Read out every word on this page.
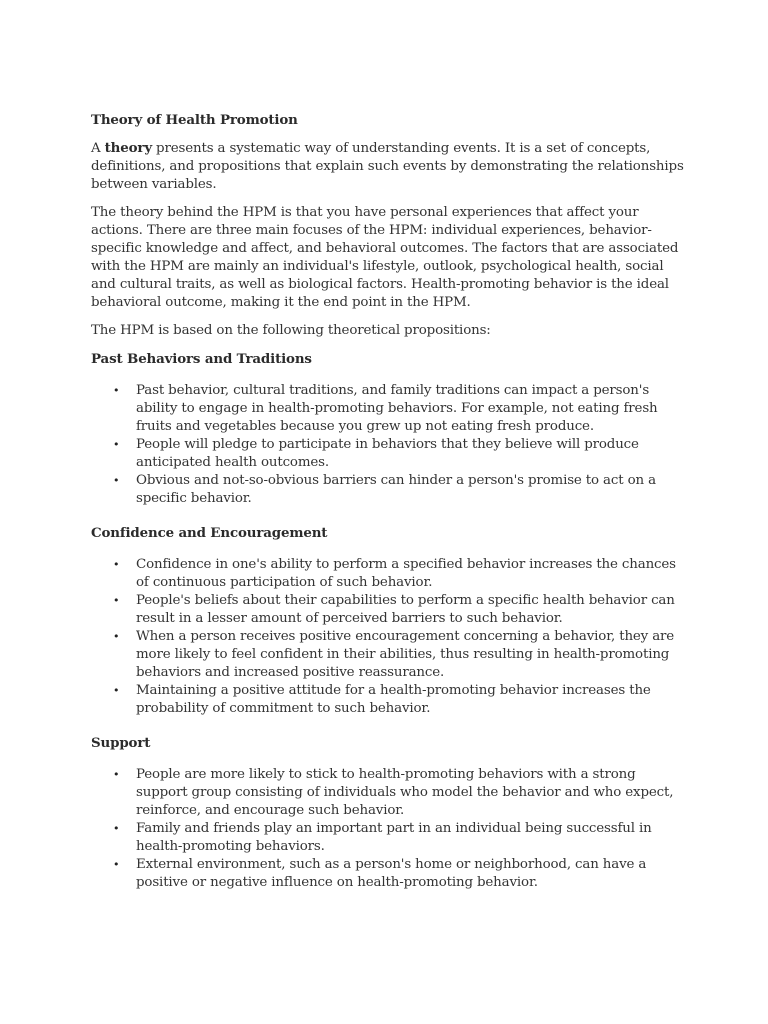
Theory of Health Promotion

A theory presents a systematic way of understanding events. It is a set of concepts, definitions, and propositions that explain such events by demonstrating the relationships between variables.

The theory behind the HPM is that you have personal experiences that affect your actions. There are three main focuses of the HPM: individual experiences, behavior-specific knowledge and affect, and behavioral outcomes. The factors that are associated with the HPM are mainly an individual's lifestyle, outlook, psychological health, social and cultural traits, as well as biological factors. Health-promoting behavior is the ideal behavioral outcome, making it the end point in the HPM.

The HPM is based on the following theoretical propositions:

Past Behaviors and Traditions
• Past behavior, cultural traditions, and family traditions can impact a person's ability to engage in health-promoting behaviors. For example, not eating fresh fruits and vegetables because you grew up not eating fresh produce.
• People will pledge to participate in behaviors that they believe will produce anticipated health outcomes.
• Obvious and not-so-obvious barriers can hinder a person's promise to act on a specific behavior.
Confidence and Encouragement
• Confidence in one's ability to perform a specified behavior increases the chances of continuous participation of such behavior.
• People's beliefs about their capabilities to perform a specific health behavior can result in a lesser amount of perceived barriers to such behavior.
• When a person receives positive encouragement concerning a behavior, they are more likely to feel confident in their abilities, thus resulting in health-promoting behaviors and increased positive reassurance.
• Maintaining a positive attitude for a health-promoting behavior increases the probability of commitment to such behavior.
Support
• People are more likely to stick to health-promoting behaviors with a strong support group consisting of individuals who model the behavior and who expect, reinforce, and encourage such behavior.
• Family and friends play an important part in an individual being successful in health-promoting behaviors.
• External environment, such as a person's home or neighborhood, can have a positive or negative influence on health-promoting behavior.
